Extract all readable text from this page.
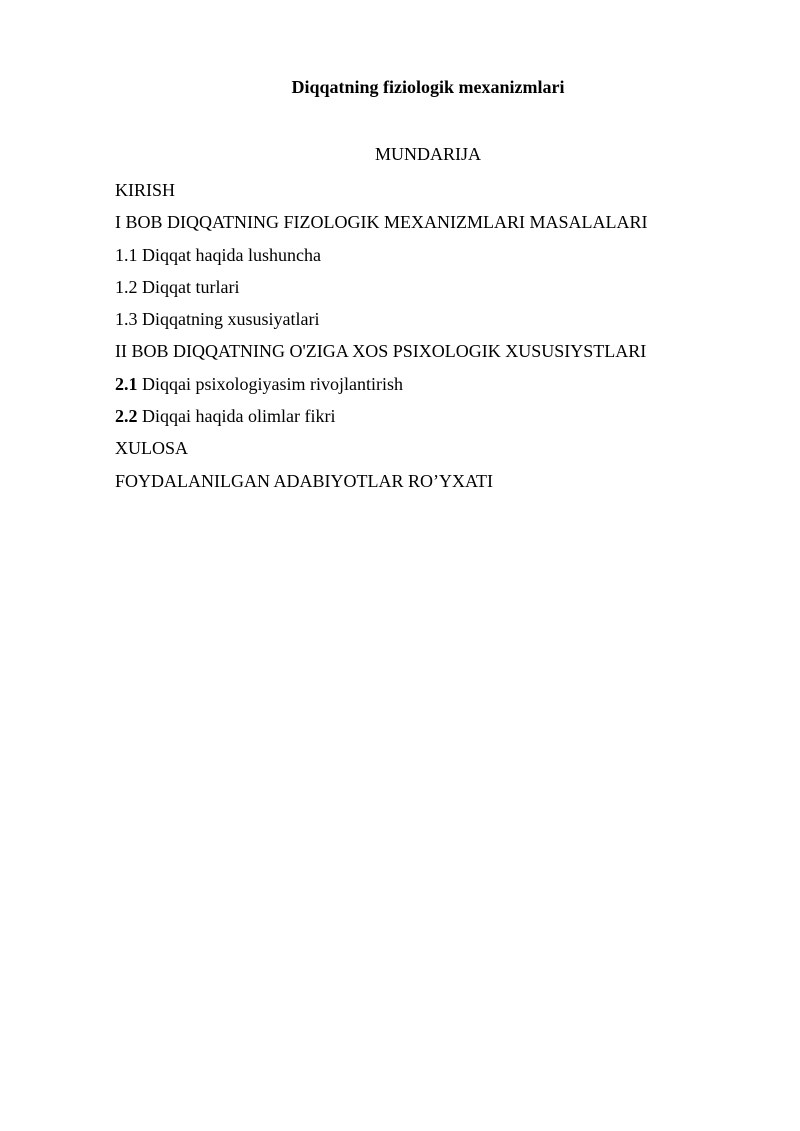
Diqqatning fiziologik mexanizmlari
MUNDARIJA
KIRISH
I BOB DIQQATNING FIZOLOGIK MEXANIZMLARI MASALALARI
1.1 Diqqat haqida lushuncha
1.2 Diqqat turlari
1.3 Diqqatning xususiyatlari
II BOB DIQQATNING O'ZIGA XOS PSIXOLOGIK XUSUSIYSTLARI
2.1 Diqqai psixologiyasim rivojlantirish
2.2 Diqqai haqida olimlar fikri
XULOSA
FOYDALANILGAN ADABIYOTLAR RO’YXATI
